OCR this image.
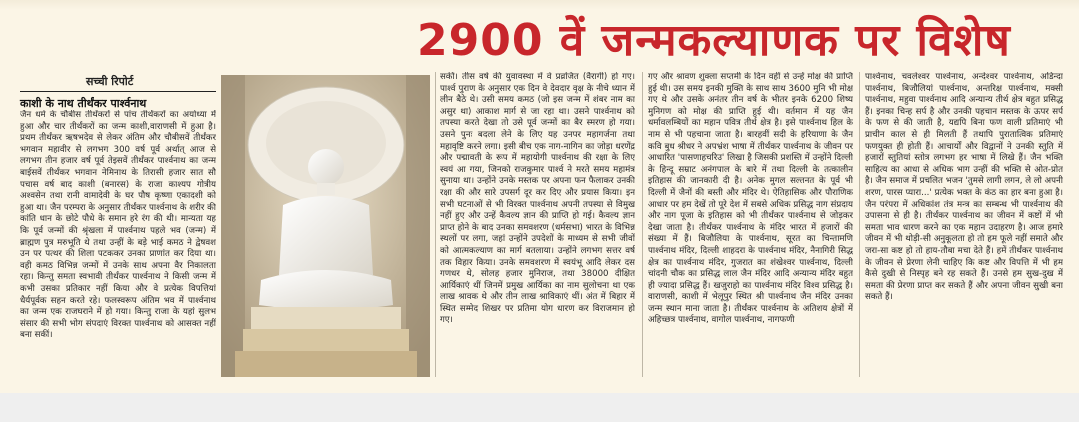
2900 वें जन्मकल्याणक पर विशेष
सच्ची रिपोर्ट
काशी के नाथ तीर्थंकर पार्श्वनाथ

जैन धर्म के चौबीस तीर्थंकरों से पांच तीर्थंकरों का अयोध्या में हुआ और चार तीर्थंकरों का जन्म काशी,वाराणसी में हुआ है। प्रथम तीर्थंकर ऋषभदेव से लेकर अंतिम और चौबीसवें तीर्थंकर भगवान महावीर से लगभग 300 वर्ष पूर्व अर्थात् आज से लगभग तीन हजार वर्ष पूर्व तेइसवें तीर्थंकर पार्श्वनाथ का जन्म बाईसवें तीर्थंकर भगवान नेमिनाथ के तिरासी हजार सात सौ पचास वर्ष बाद काशी (बनारस) के राजा काश्यप गोत्रीय अश्वसेन तथा रानी वामादेवी के घर पौष कृष्णा एकादशी को हुआ था। जैन परम्परा के अनुसार तीर्थंकर पार्श्वनाथ के शरीर की कांति धान के छोटे पौधे के समान हरे रंग की थी। मान्यता यह कि पूर्व जन्मों की श्रृंखला में पार्श्वनाथ पहले भव (जन्म) में ब्राह्मण पुत्र मरुभूति थे तथा उन्हीं के बड़े भाई कमठ ने द्वेषवश उन पर पत्थर की शिला पटककर उनका प्राणांत कर दिया था। वही कमठ विभिन्न जन्मों में उनके साथ अपना वैर निकालता रहा। किन्तु समता स्वभावी तीर्थंकर पार्श्वनाथ ने किसी जन्म में कभी उसका प्रतिकार नहीं किया और वे प्रत्येक विपत्तियां धैर्यपूर्वक सहन करते रहे। फलस्वरूप अंतिम भव में पार्श्वनाथ का जन्म एक राजघराने में हो गया। किन्तु राजा के यहां सुलभ संसार की सभी भोग संपदाएं विरक्त पार्श्वनाथ को आसक्त नहीं बना सकीं।

सकीं। तीस वर्ष की युवावस्था में वे प्रव्रजित (वैरागी) हो गए। पार्श्व पुराण के अनुसार एक दिन वे देवदार वृक्ष के नीचे ध्यान में लीन बैठे थे। उसी समय कमठ (जो इस जन्म में शंबर नाम का असुर था) आकाश मार्ग से जा रहा था। उसने पार्श्वनाथ को तपस्या करते देखा तो उसे पूर्व जन्मों का बैर स्मरण हो गया। उसने पुनः बदला लेने के लिए यह उनपर महागर्जना तथा महावृष्टि करने लगा। इसी बीच एक नाग-नागिन का जोड़ा धरणेंद्र और पद्मावती के रूप में महायोगी पार्श्वनाथ की रक्षा के लिए स्वयं आ गया, जिनको राजकुमार पार्श्व ने मरते समय महामंत्र सुनाया था। उन्होंने उनके मस्तक पर अपना फन फैलाकर उनकी रक्षा की और सारे उपसर्ग दूर कर दिए और प्रयास किया। इन सभी घटनाओं से भी विरक्त पार्श्वनाथ अपनी तपस्या से विमुख नहीं हुए और उन्हें कैवल्य ज्ञान की प्राप्ति हो गई। कैवल्य ज्ञान प्राप्त होने के बाद उनका समवशरण (धर्मसभा) भारत के विभिन्न स्थलों पर लगा, जहां उन्होंने उपदेशों के माध्यम से सभी जीवों को आत्मकल्याण का मार्ग बतलाया। उन्होंने लगभग सत्तर वर्ष तक विहार किया। उनके समवशरण में स्वयंभू आदि लेकर दस गणधर थे, सोलह हजार मुनिराज, तथा 38000 दीक्षित आर्यिकाएं थीं जिनमें प्रमुख आर्यिका का नाम सुलोचना था एक लाख श्रावक थे और तीन लाख श्राविकाएं थीं। अंत में बिहार में स्थित सम्मेद शिखर पर प्रतिमा योग धारण कर विराजमान हो गए।

गए और श्रावण शुक्ला सप्तमी के दिन वहीं से उन्हें मोक्ष की प्राप्ति हुई थी। उस समय इनकी मुक्ति के साथ साथ 3600 मुनि भी मोक्ष गए थे और उसके अनंतर तीन वर्ष के भीतर इनके 6200 शिष्य मुनिगण को मोक्ष की प्राप्ति हुई थी। वर्तमान में यह जैन धर्मावलम्बियों का महान पवित्र तीर्थ क्षेत्र है। इसे पार्श्वनाथ हिल के नाम से भी पहचाना जाता है। बारहवीं सदी के हरियाणा के जैन कवि बुध श्रीधर ने अपभ्रंश भाषा में तीर्थंकर पार्श्वनाथ के जीवन पर आधारित 'पासणाहचरिउ' लिखा है जिसकी प्रशस्ति में उन्होंने दिल्ली के हिन्दू सम्राट अनंगपाल के बारे में तथा दिल्ली के तत्कालीन इतिहास की जानकारी दी है। अनेक मुगल सल्तनत के पूर्व भी दिल्ली में जैनों की बस्ती और मंदिर थे। ऐतिहासिक और पौराणिक आधार पर हम देखें तो पूरे देश में सबसे अधिक प्रसिद्ध नाग संप्रदाय और नाग पूजा के इतिहास को भी तीर्थंकर पार्श्वनाथ से जोड़कर देखा जाता है। तीर्थंकर पार्श्वनाथ के मंदिर भारत में हजारों की संख्या में हैं। बिजौलिया के पार्श्वनाथ, सूरत का चिन्तामणि पार्श्वनाथ मंदिर, दिल्ली शाहदरा के पार्श्वनाथ मंदिर, नैनागिरी सिद्ध क्षेत्र का पार्श्वनाथ मंदिर, गुजरात का शंखेश्वर पार्श्वनाथ, दिल्ली चांदनी चौक का प्रसिद्ध लाल जैन मंदिर आदि अन्यान्य मंदिर बहुत ही ज्यादा प्रसिद्ध हैं। खजुराहो का पार्श्वनाथ मंदिर विश्व प्रसिद्ध है। वाराणसी, काशी में भेलूपुर स्थित श्री पार्श्वनाथ जैन मंदिर उनका जन्म स्थान माना जाता है। तीर्थंकर पार्श्वनाथ के अतिशय क्षेत्रों में अहिच्छत्र पार्श्वनाथ, वागोल पार्श्वनाथ, नागफणी

पार्श्वनाथ, चवलेश्वर पार्श्वनाथ, अन्देश्वर पार्श्वनाथ, अडिन्दा पार्श्वनाथ, बिजौलियां पार्श्वनाथ, अन्तरिक्ष पार्श्वनाथ, मक्सी पार्श्वनाथ, महुवा पार्श्वनाथ आदि अन्यान्य तीर्थ क्षेत्र बहुत प्रसिद्ध हैं। इनका चिन्ह सर्प है और उनकी पहचान मस्तक के ऊपर सर्प के फण से की जाती है, यद्यपि बिना फण वाली प्रतिमाएं भी प्राचीन काल से ही मिलती हैं तथापि पुरातात्विक प्रतिमाएं फणयुक्त ही होती हैं। आचार्यों और विद्वानों ने उनकी स्तुति में हजारों स्तुतियां स्तोत्र लगभग हर भाषा में लिखे हैं। जैन भक्ति साहित्य का आधा से अधिक भाग उन्हीं की भक्ति से ओत-प्रोत है। जैन समाज में प्रचलित भजन 'तुमसे लागी लगन, ले लो अपनी शरण, पारस प्यारा...' प्रत्येक भक्त के कंठ का हार बना हुआ है। जैन परंपरा में अधिकांश तंत्र मन्त्र का सम्बन्ध भी पार्श्वनाथ की उपासना से ही है। तीर्थंकर पार्श्वनाथ का जीवन में कष्टों में भी समता भाव धारण करने का एक महान उदाहरण है। आज हमारे जीवन में भी थोड़ी-सी अनुकूलता हो तो हम फूले नहीं समाते और जरा-सा कष्ट हो तो हाय-तौबा मचा देते हैं। हमें तीर्थंकर पार्श्वनाथ के जीवन से प्रेरणा लेनी चाहिए कि कष्ट और विपत्ति में भी हम कैसे दुखी से निस्पृह बने रह सकते हैं। उनसे हम सुख-दुख में समता की प्रेरणा प्राप्त कर सकते हैं और अपना जीवन सुखी बना सकते हैं।
